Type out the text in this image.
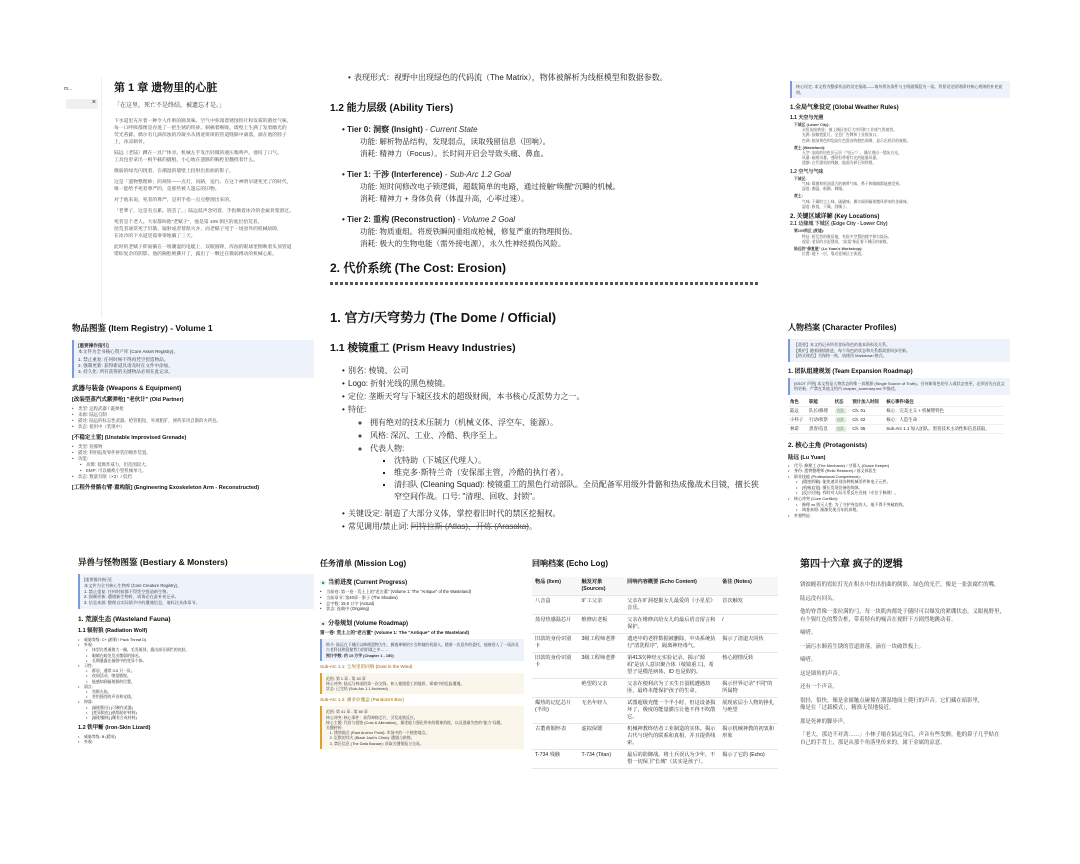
m...
×
第 1 章 遗物里的心脏
「在这里，死亡不是终结，被遗忘才是。」
下水道里充斥着一种令人作呕的腐臭味。空气中弥漫着锈蚀铁片和发霉的菌丝气味，
每一口呼吸都像是吞进了一把生锈的铁砂。刺痛着喉咙。墙壁上生满了发着幽光的
荧光苔藓。偶尔有几滴浑浊的冷凝水从锈迹斑斑的管道缝隙中滴落，滴在他的脖子
上，冰凉刺骨。
陆远（老陆）蹲在一具尸体旁。机械左手发出轻微的液压嗡鸣声。他叹了口气。
工具包里拿出一根半截的撬棍，小心地在遗骸的胸腔里翻找着什么。
微弱的绿光闪现着，在潮湿的墙壁上投射出扭曲的影子。
这是「遗物整理师」的规矩——点灯，问路，送行。在这个神明早就死光了的时代，
唯一能给予死者尊严的，是那些被人遗忘的旧物。
对于他来说，死者的尊严，是用手指一点点整理出来的。
「老爹子，这是有点累。别丢了。」陆远低声念叨着，手指顺着冰冷的金属骨架滑过。
死者是个老人。大家都叫他"老赋子"，他是第 109 街区的底层拾荒者。
拾荒者通常死于饥饿、辐射或者帮派火并，而老赋子死于一场意外的机械故障，
在冰冷的下水道里孤零零地躺了三天。
此时的老赋子仰面躺在一堆潮湿的电缆上，双眼圆睁，浑浊的眼球里倒映着头顶管道
错综复杂的阴影。他的胸腔被撕开了，露出了一颗还在微弱搏动的机械心脏。
• 表现形式：视野中出现绿色的代码流（The Matrix），物体被解析为线框模型和数据参数。
1.2 能力层级 (Ability Tiers)
• Tier 0: 洞察 (Insight) - Current State
功能: 解析物品结构，发现弱点，读取残留信息（回响）。
消耗: 精神力（Focus）。长时间开启会导致头痛、鼻血。
• Tier 1: 干涉 (Interference) - Sub-Arc 1.2 Goal
功能: 短时间修改电子锁逻辑，超载简单的电路，通过接触"唤醒"沉睡的机械。
消耗: 精神力 + 身体负荷（体温升高，心率过速）。
• Tier 2: 重构 (Reconstruction) - Volume 2 Goal
功能: 物质重组。将废铁瞬间重组成枪械，修复严重的物理损伤。
消耗: 极大的生物电能（需外接电源），永久性神经损伤风险。
2. 代价系统 (The Cost: Erosion)
核心设定: 本文档为整部作品的设定基础——请勿将各条件与主线剧情混为一谈。背景设定原则即对核心规则的补充说明。
1.全局气象设定 (Global Weather Rules)
1.1 天空与光照
下城区 (Lower City):
永恒灰暗黄昏。被上城区的巨大穹顶和工业废气所遮挡。
光源: 依赖霓虹灯、全息广告牌和工业排放口。
色调: 脏绿黄色和危险红色混杂的橙色调调，显示出底层的衰败。
废土 (Wasteland):
天空: 灰暗的铅色层云层（"铅云"），偶尔透出一缕灰白光。
风暴: 辐射风暴，透明但带着红光的能量风暴。
遗骸: 古代建筑的残骸，地面为碎石和铁锈。
1.2 空气与气味
下城区:
气味: 霉菌和机油混合的刺鼻气味，鼻子和眼睛都能感受到。
湿度: 潮湿、粘稠、刺眼。
废土:
气味: 干燥的尘土味、硫磺味，偶尔闻到辐射微风带来的金属味。
湿度: 极低，干燥，刮嗓子。
2. 关键区域详解 (Key Locations)
2.1 边缘城 下城区 (Edge City - Lower City)
第109街区 (废墟):
特征: 拾荒者的聚居地，有很多空置的楼宇和垃圾场。
视觉: 老旧的水泥建筑，"高架"象征着下城区的衰败。
陆远的"修复屋" (Lu Yuan's Workshop):
位置: 地下一层，靠近老城区主街道。
物品图鉴 (Item Registry) - Volume 1
[重要操作指引]
本文件为全书核心资产库 (Core Asset Registry)。
1. 禁止重复: 任何时候不得再凭空捏造物品。
2. 强制更新: 获得新道具请及时在文件中添加。
3. 持久化: 所有获得的关键物品必须在此记录。
武器与装备 (Weapons & Equipment)
[改装型蒸汽式霰弹枪] "老伙计" (Old Partner)
• 类型: 远程武器 / 霰弹枪
• 来源: 陆远自制
• 描述: 陆远的标志性武器。枪管粗短，外观粗犷，弹药采用自制的火药包。
• 状态: 使用中（装填中）
[不稳定土雷] (Unstable Improvised Grenade)
• 类型: 投掷物
• 描述: 利用报废零件拼装的爆炸装置。
• 功能:
• 高爆: 低爆炸威力，但范围较大。
• EMP: 可以瘫痪小型机械单元。
• 状态: 数量有限（×3）/ 低档
[工程外骨骼右臂·重构版] (Engineering Exoskeleton Arm - Reconstructed)
1. 官方/天穹势力 (The Dome / Official)
1.1 棱镜重工 (Prism Heavy Industries)
• 别名: 棱镜、公司
• Logo: 折射光线的黑色棱镜。
• 定位: 垄断天穹与下城区技术的超级财阀，本书核心反派势力之一。
• 特征:
◦ 拥有绝对的技术压制力（机械义体、浮空车、能源）。
◦ 风格: 深沉、工业、冷酷、秩序至上。
◦ 代表人物:
▪ 沈特助（下城区代理人）。
▪ 维克多·斯特兰奇（安保部主管，冷酷的执行者）。
▪ 清扫队 (Cleaning Squad): 棱镜重工的黑色行动部队。全员配备军用级外骨骼和热成像战术目镜，擅长狭窄空间作战。口号: "清理、回收、封锁"。
• 关键设定: 制造了大部分义体，掌控着旧时代的禁区挖掘权。
• 常见调用/禁止词: 阿特拉斯 (Atlas)、开炼 (Arasaka)。
人物档案 (Character Profiles)
【重要】本文档记录所有登场角色的基本资料及关系。
【维护】随着剧情推进，每个角色的状态和关系都需要同步更新。
【格式规范】为保持一致，请使用 Markdown 格式。
1. 团队组建规划 (Team Expansion Roadmap)
[SSOT 声明] 本文档是人物状态的唯一真理源 (Single Source of Truth)。任何新角色的引入或状态变更，必须首先在此文档更新，严禁在其他文档内 chapter_summary.md 中描述。
角色	职能	状态	预计加入时间	核心事件/备注
陆远	队长/修理	在队	Ch. 01	核心：完美主义 + 机械臂特色
小杯子	行动/侦察	在队	Ch. 02	核心：人造生命
林诺	黑客/信息	在队	Ch. 05	Sub-Arc 1.1 加入团队。黑客技术主动性和信息获取。
2. 核心主角 (Protagonists)
陆远 (Lu Yuan)
• 代号: 修理工 (The Mechanic) / 守墓人 (Grave Keeper)
• 身份: 遗物整理师 (Relic Restorer) / 前义体医生
• 职业技能 (Professional Competence):
• [精密拆解]: 能快速识别各种机械零件和电子元件。
• [机械直觉]: 擅长发现设备的故障。
• [反应迟钝]: 有时对人际关系反应迟钝（专注于修理）。
• 核心冲突 (Core Conflict):
• 修理 vs 毁灭人性: 为了守护身边的人，他不得不突破底线。
• 调查真相: 渐渐发现当年的真相。
• 外貌特征:
异兽与怪物图鉴 (Bestiary & Monsters)
[重要操作指引]
本文件为全书核心生物库 (Core Creature Registry)。
1. 禁止重复: 任何时候都不得凭空捏造新生物。
2. 强制更新: 遭遇新生物时，请务必在此补充记录。
3. 信息来源: 整理自实际情节中的遭遇信息，请标注具体章节。
1. 荒原生态 (Wasteland Fauna)
1.1 辐射狼 (Radiation Wolf)
• 威胁等级: C+ (群狼 / Pack Threat D)
• 外观:
• 体型比普通狼大一圈，毛发斑驳，露出部分溃烂的皮肤。
• 眼睛在暗处发出微弱的绿光。
• 长期暴露在辐射中的变异个体。
• 习性:
• 群居，通常 3-5 只一队。
• 夜间活动，嗅觉敏锐。
• 能感知到辐射源的位置。
• 弱点:
• 畏惧火焰。
• 害怕强烈的声音和光线。
• 掉落:
• [辐射狼牙] (可制作武器)
• [变异狼皮] (低级防护材料)
• [辐射腺体] (稀有合成材料)
1.2 铁甲蜥 (Iron-Skin Lizard)
• 威胁等级: B (精英)
• 外观:
任务清单 (Mission Log)
■ 当前进度 (Current Progress)
• 当前卷: 第一卷 · 荒土上的"老古董" (Volume 1: The "Antique" of the Wasteland)
• 当前章节: 第40章 · 影子 (The Shadow)
• 总字数: 15.0 万字 (Actual)
• 状态: 连载中 (Ongoing)
■ 分卷规划 (Volume Roadmap)
第一卷: 荒土上的"老古董" (Volume 1: The "Antique" of the Wasteland)
简介: 陆远在下城区以修理遗物为生，偶遇神秘的少女和她的机器人。随着一次意外的委托，他被卷入了一场涉及古老科技和隐秘势力的阴谋之中……
预计字数: 约 15 万字 (Chapter 1 - 150)
Sub-Arc 1.1: 尘埃里的回响 (Dust in the Wind)
范围: 第 1 章 - 第 40 章
核心冲突: 陆远与林诺的第一次交锋，初入棱镜重工的地界，探索中的危险遭遇。
状态: 已完结 (Sub-Arc 1.1 Archived)
Sub-Arc 1.2: 潘多拉魔盒 (Pandora's Box)
范围: 第 41 章 - 第 80 章
核心冲突: 核心事件：获得神秘芯片，引发连锁反应。
核心主题: 代价与侵蚀 (Cost & Alienation)，描述能力强化带来的精神消耗，以及逐渐失控的"能力"问题。
关键转折:
1. 锈蚀锚点 (Rust Anchor Point): 市场中的一个秘密地点。
2. 沉默的烈火 (Black Jack's Clinic): 遭遇与救赎。
3. 禁区信息 (The Data Bazaar): 获取关键情报与交易。
回响档案 (Echo Log)
物品 (Item)	触发对象 (Sources)	回响内容概要 (Echo Content)	备注 (Notes)
八音盒	旷工父亲	父亲在旷洞挖掘女儿最爱的《小星星》音乐。	首次触发
蒸母热感温芯片	维修店老板	父亲在维修店给女儿的最后语音留言和保护。	/
旧款的身份识别卡	3级工程师老胖	遗迹中的老胖数据被删除，中央系统执行"清洗程序"，隔离神经毒气。	揭示了清道夫同伙
旧款的身份识别卡	3级工程师老胖	第413次神经元实验记录。揭示"源码"是活人意识聚合体（棱镜重工)，希望子是模范病体，ID 也是假的。	核心剧情反转
	绝望的父亲	父亲在便利店为了买生日蛋糕遭遇劫匪，最终未能保护孩子的生命。	揭示世界记录"不同"的所属物
爆热的记忆芯片 (半块)	无名年轻人	试图超级充能一个半小时，但这设备损坏了，极度的能量灌注让他不得不吹散它。	展现底层小人物的挣扎与绝望
古董黄铜怀表	虚拟保镖	机械神教终结者工业制造的实体。揭示古代与现代的联系和真相，并且提供线索。	揭示机械神教的初衷和形象
T-734 残骸	T-734 (Titan)	最后的防御战。将士兵误认为少年，不惜一切保卫"长城"（其实是孩子）。	揭示了它的 (Echo)
第四十六章 疯子的逻辑
锈蚀缠着的霓虹灯光在积水中投出扭曲的倒影，绿色的光芒，像是一张张腐烂的嘴。
陆远没有回头。
他的脊背像一张拉满的弓，每一块肌肉都处于随时可以爆发的紧绷状态。义眼视野里，
有个猩红色的警告框，带着特有的噪音在视野下方剧烈地跳动着。
嘀嗒。
一滴污水顺着生锈的管道滑落，滴在一块破铁板上。
嘀嗒。
这是墙角的声音。
还有一个声音。
很轻，很快，像是金属触点碰撞在潮湿地面上爬行的声音。它们藏在暗影里，
像是在「过载模式」，精准无误地接近。
那是死神的脚步声。
「老大，那边不对劲……」小林子缩在陆远身后，声音有些发颤。他的鼻子几乎贴在
自己的手背上，那是从那个角落里传来的，属于金属的凉意。
